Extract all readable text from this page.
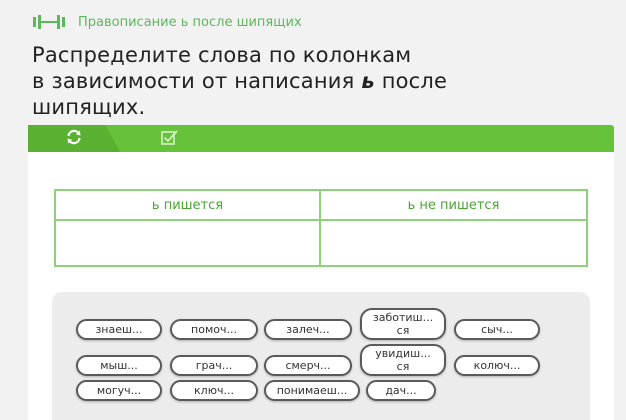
Правописание ь после шипящих
Распределите слова по колонкам
в зависимости от написания ь после
шипящих.
ь пишется	ь не пишется
знаеш...	помоч...	залеч...
заботиш...
ся	сыч...
мыш...	грач...	смерч...
увидиш...
ся	колюч...
могуч...	ключ...	понимаеш...	дач...
